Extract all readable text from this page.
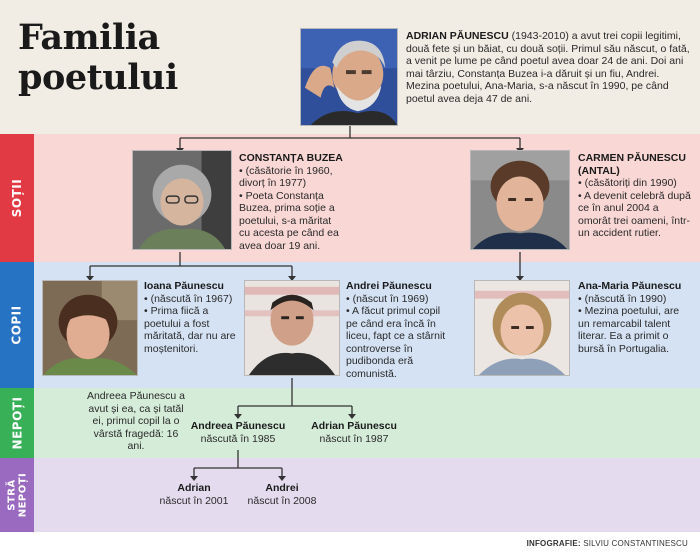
Familia poetului
SOȚII
COPII
NEPOȚI
STRĂ NEPOȚI
ADRIAN PĂUNESCU (1943-2010) a avut trei copii legitimi, două fete și un băiat, cu două soții. Primul său născut, o fată, a venit pe lume pe când poetul avea doar 24 de ani. Doi ani mai târziu, Constanța Buzea i-a dăruit și un fiu, Andrei. Mezina poetului, Ana-Maria, s-a născut în 1990, pe când poetul avea deja 47 de ani.
CONSTANȚA BUZEA
• (căsătorie în 1960, divorț în 1977)
• Poeta Constanța Buzea, prima soție a poetului, s-a măritat cu acesta pe când ea avea doar 19 ani.
CARMEN PĂUNESCU
(ANTAL)
• (căsătoriți din 1990)
• A devenit celebră după ce în anul 2004 a omorât trei oameni, într-un accident rutier.
Ioana Păunescu
• (născută în 1967)
• Prima fiică a poetului a fost măritată, dar nu are moștenitori.
Andrei Păunescu
• (născut în 1969)
• A făcut primul copil pe când era încă în liceu, fapt ce a stârnit controverse în pudibonda eră comunistă.
Ana-Maria Păunescu
• (născută în 1990)
• Mezina poetului, are un remarcabil talent literar. Ea a primit o bursă în Portugalia.
Andreea Păunescu a avut și ea, ca și tatăl ei, primul copil la o vârstă fragedă: 16 ani.
Andreea Păunescu
născută în 1985
Adrian Păunescu
născut în 1987
Adrian
născut în 2001
Andrei
născut în 2008
INFOGRAFIE: SILVIU CONSTANTINESCU
